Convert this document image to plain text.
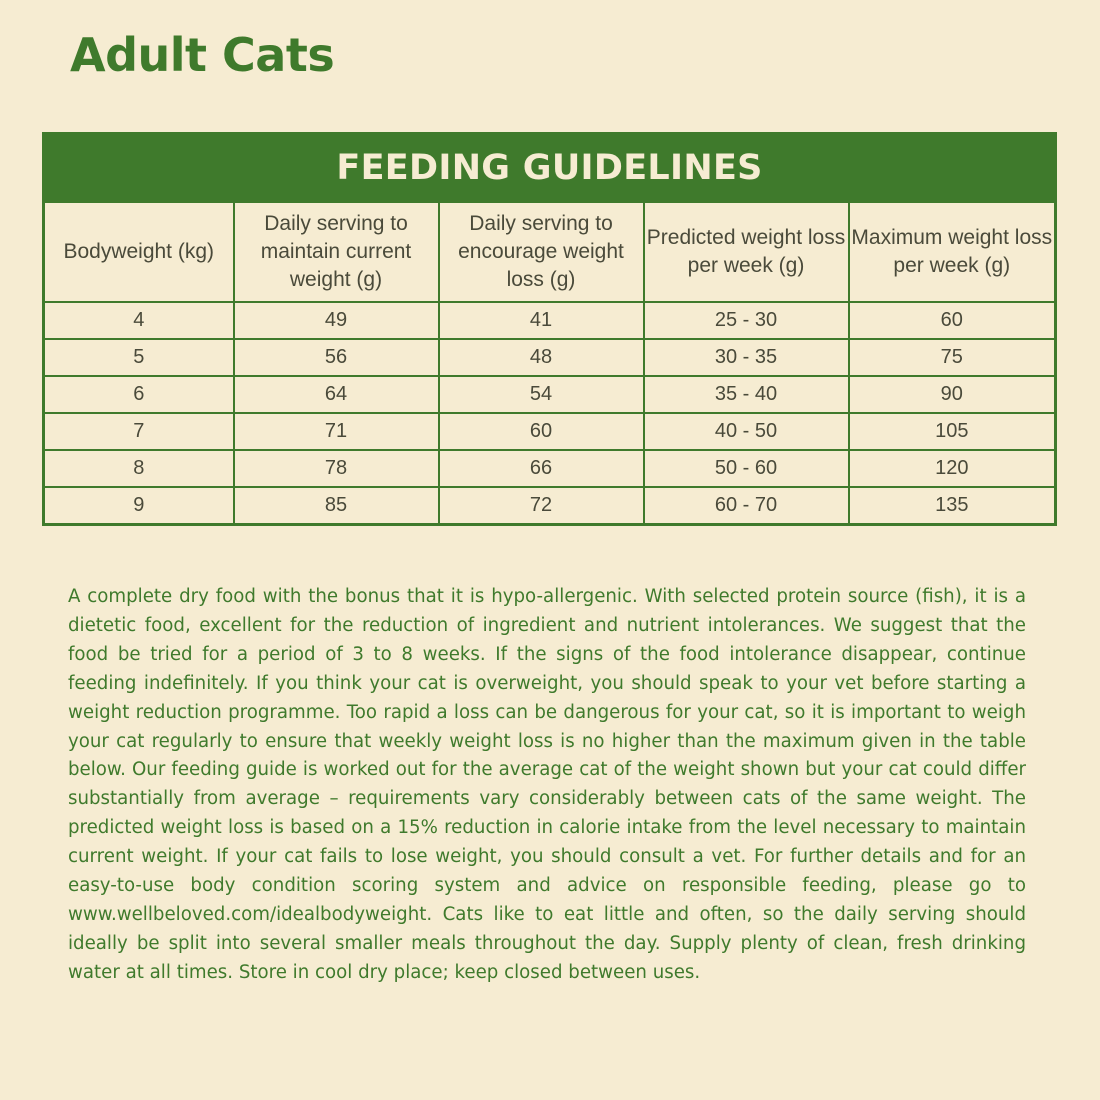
Adult Cats
FEEDING GUIDELINES				
Bodyweight (kg)	Daily serving to maintain current weight (g)	Daily serving to encourage weight loss (g)	Predicted weight loss per week (g)	Maximum weight loss per week (g)
4	49	41	25 - 30	60
5	56	48	30 - 35	75
6	64	54	35 - 40	90
7	71	60	40 - 50	105
8	78	66	50 - 60	120
9	85	72	60 - 70	135

A complete dry food with the bonus that it is hypo-allergenic. With selected protein source (fish), it is a dietetic food, excellent for the reduction of ingredient and nutrient intolerances. We suggest that the food be tried for a period of 3 to 8 weeks. If the signs of the food intolerance disappear, continue feeding indefinitely. If you think your cat is overweight, you should speak to your vet before starting a weight reduction programme. Too rapid a loss can be dangerous for your cat, so it is important to weigh your cat regularly to ensure that weekly weight loss is no higher than the maximum given in the table below. Our feeding guide is worked out for the average cat of the weight shown but your cat could differ substantially from average – requirements vary considerably between cats of the same weight. The predicted weight loss is based on a 15% reduction in calorie intake from the level necessary to maintain current weight. If your cat fails to lose weight, you should consult a vet. For further details and for an easy-to-use body condition scoring system and advice on responsible feeding, please go to www.wellbeloved.com/idealbodyweight. Cats like to eat little and often, so the daily serving should ideally be split into several smaller meals throughout the day. Supply plenty of clean, fresh drinking water at all times. Store in cool dry place; keep closed between uses.
